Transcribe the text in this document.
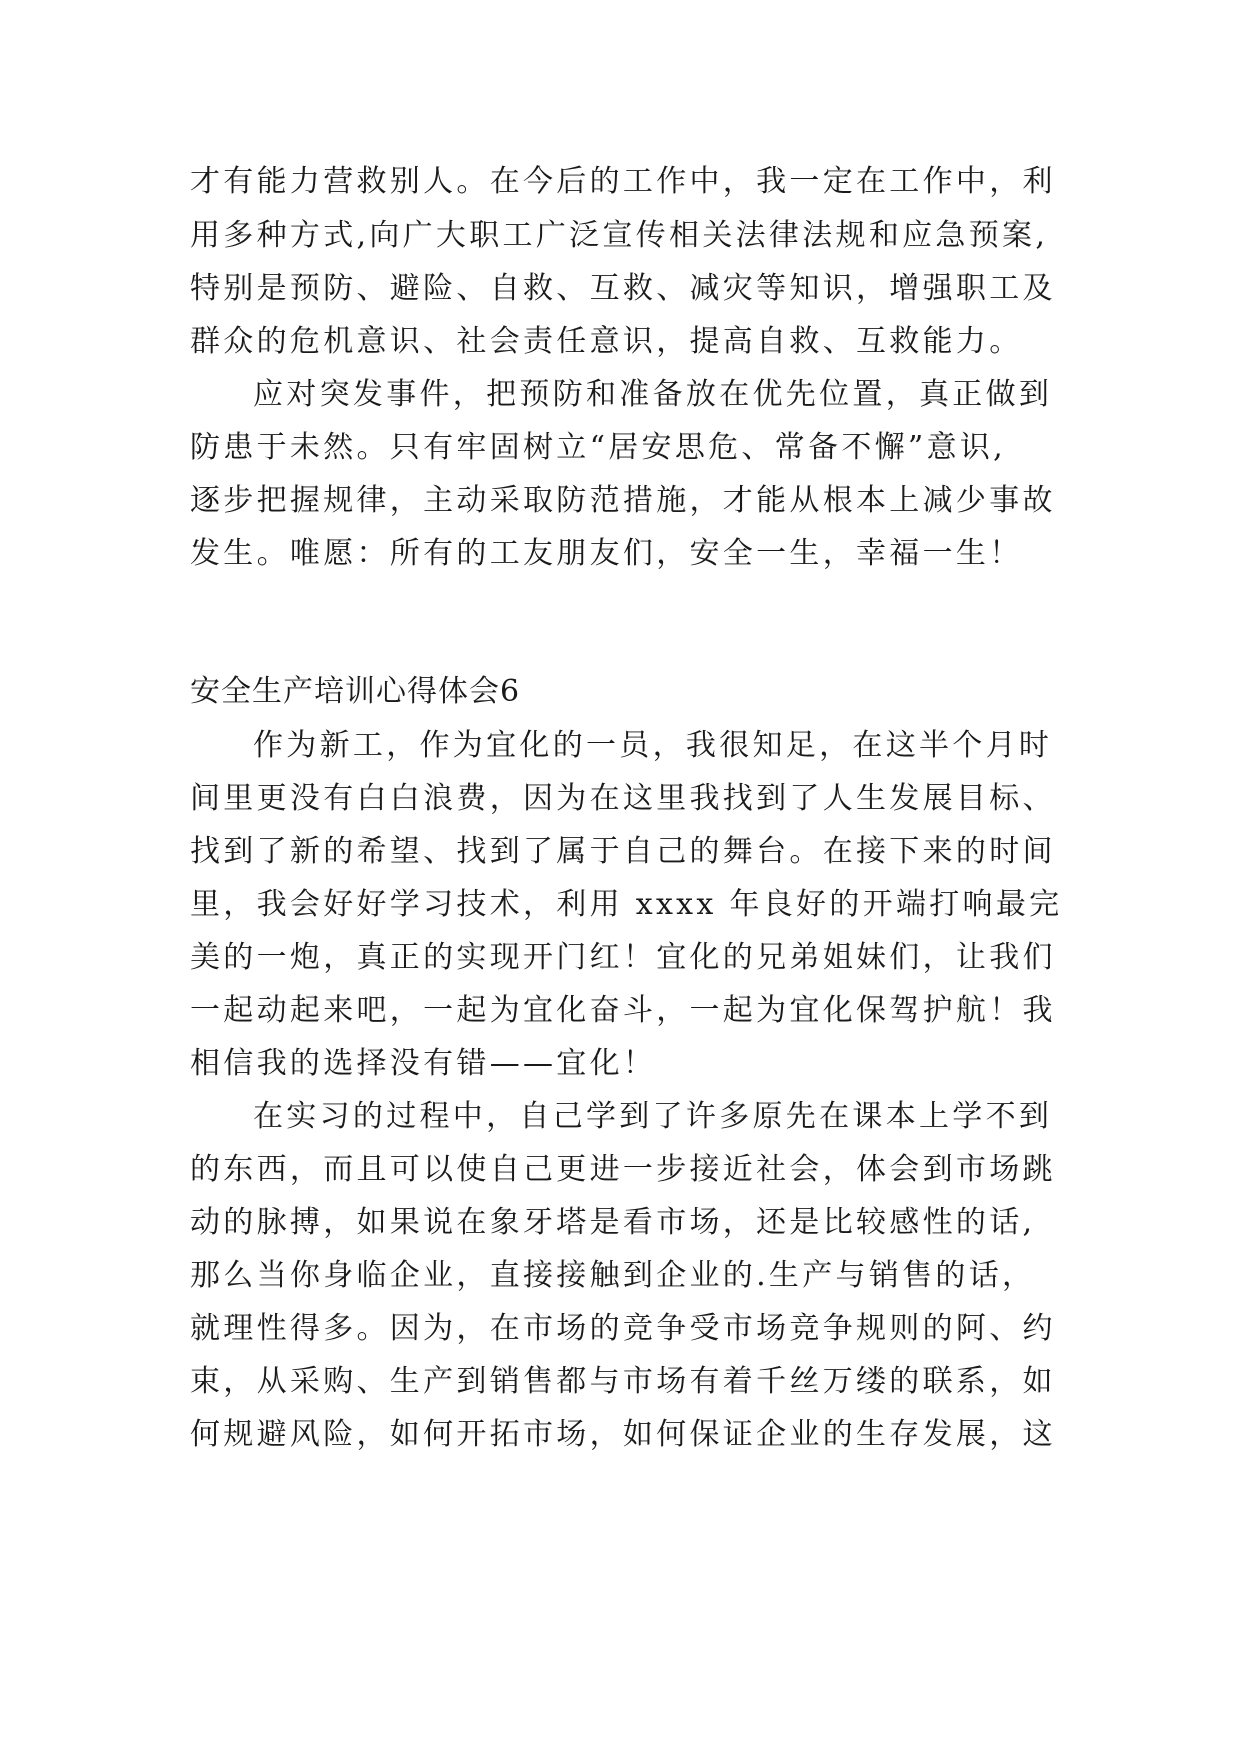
才有能力营救别人。在今后的工作中，我一定在工作中，利
用多种方式,向广大职工广泛宣传相关法律法规和应急预案,
特别是预防、避险、自救、互救、减灾等知识，增强职工及
群众的危机意识、社会责任意识，提高自救、互救能力。
应对突发事件，把预防和准备放在优先位置，真正做到
防患于未然。只有牢固树立“居安思危、常备不懈”意识,
逐步把握规律，主动采取防范措施，才能从根本上减少事故
发生。唯愿：所有的工友朋友们，安全一生，幸福一生！
安全生产培训心得体会6
作为新工，作为宜化的一员，我很知足，在这半个月时
间里更没有白白浪费，因为在这里我找到了人生发展目标、
找到了新的希望、找到了属于自己的舞台。在接下来的时间
里，我会好好学习技术，利用 xxxx 年良好的开端打响最完
美的一炮，真正的实现开门红！宜化的兄弟姐妹们，让我们
一起动起来吧，一起为宜化奋斗，一起为宜化保驾护航！我
相信我的选择没有错——宜化！
在实习的过程中，自己学到了许多原先在课本上学不到
的东西，而且可以使自己更进一步接近社会，体会到市场跳
动的脉搏，如果说在象牙塔是看市场，还是比较感性的话,
那么当你身临企业，直接接触到企业的.生产与销售的话，
就理性得多。因为，在市场的竞争受市场竞争规则的阿、约
束，从采购、生产到销售都与市场有着千丝万缕的联系，如
何规避风险，如何开拓市场，如何保证企业的生存发展，这
